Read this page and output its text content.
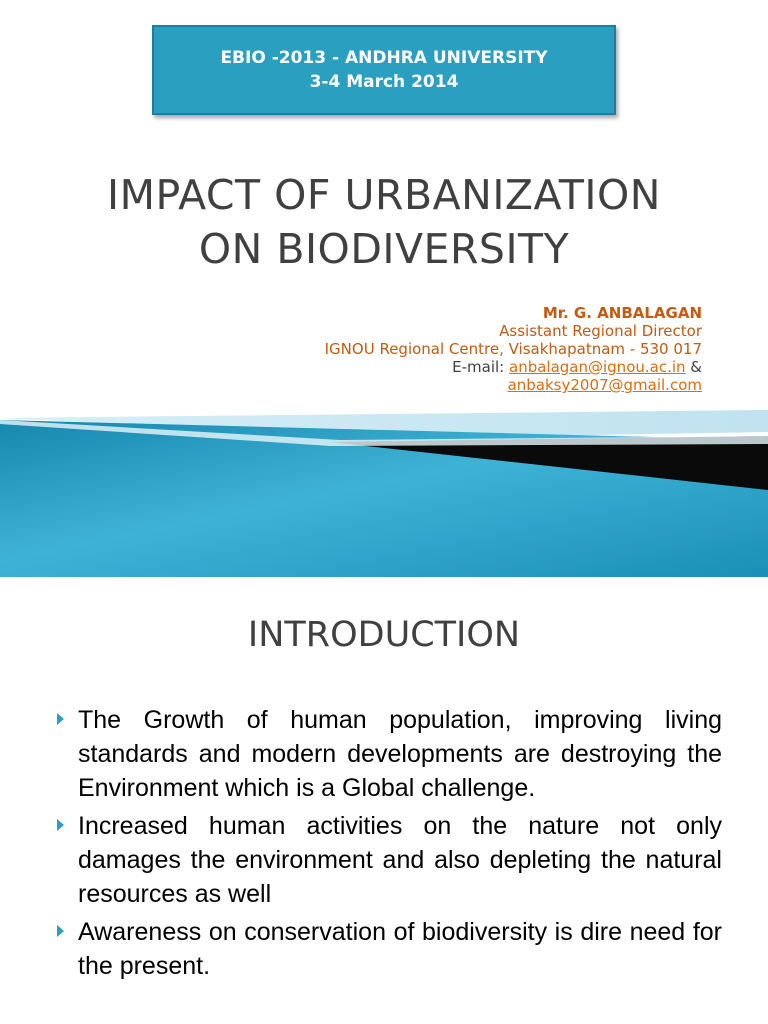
EBIO -2013 - ANDHRA UNIVERSITY
3-4 March 2014
IMPACT OF URBANIZATION
ON BIODIVERSITY
Mr. G. ANBALAGAN
Assistant Regional Director
IGNOU Regional Centre, Visakhapatnam - 530 017
E-mail: anbalagan@ignou.ac.in &
anbaksy2007@gmail.com
INTRODUCTION
The Growth of human population, improving living standards and modern developments are destroying the Environment which is a Global challenge.
Increased human activities on the nature not only damages the environment and also depleting the natural resources as well
Awareness on conservation of biodiversity is dire need for the present.
